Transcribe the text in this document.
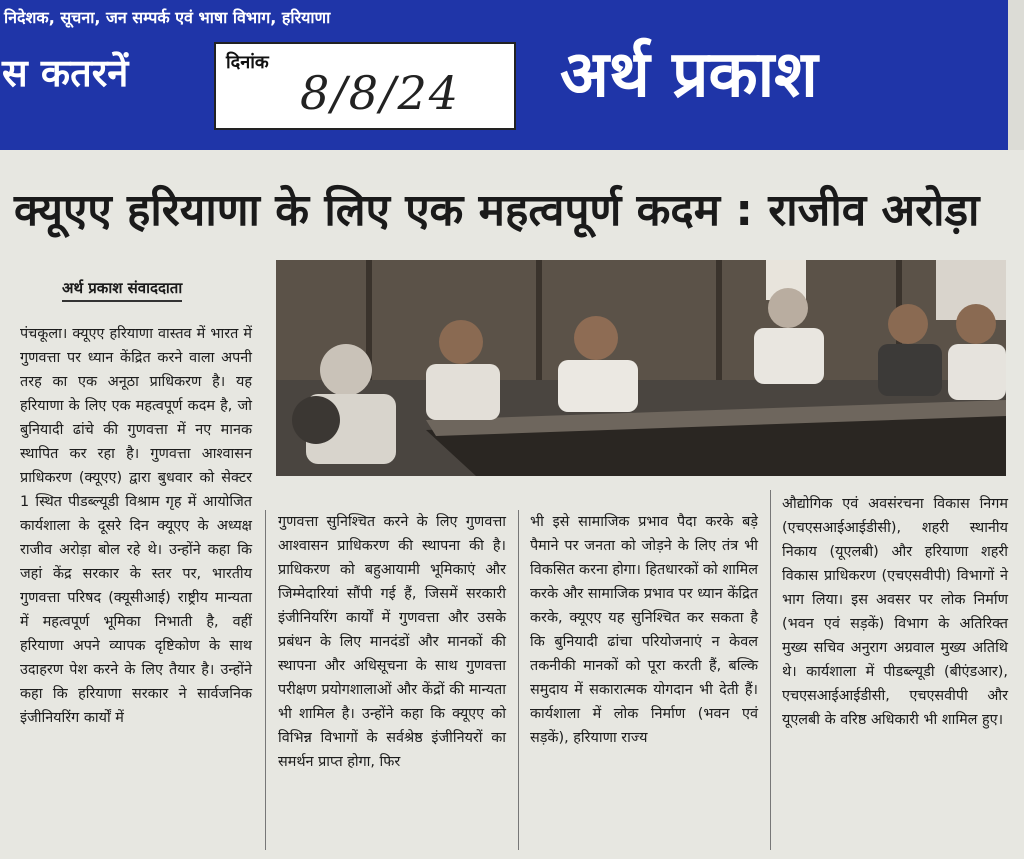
निदेशक, सूचना, जन सम्पर्क एवं भाषा विभाग, हरियाणा
स कतरनें	दिनांक
8/8/24 अर्थ प्रकाश
क्यूएए हरियाणा के लिए एक महत्वपूर्ण कदम : राजीव अरोड़ा
अर्थ प्रकाश संवाददाता
पंचकूला। क्यूएए हरियाणा वास्तव में भारत में गुणवत्ता पर ध्यान केंद्रित करने वाला अपनी तरह का एक अनूठा प्राधिकरण है। यह हरियाणा के लिए एक महत्वपूर्ण कदम है, जो बुनियादी ढांचे की गुणवत्ता में नए मानक स्थापित कर रहा है। गुणवत्ता आश्वासन प्राधिकरण (क्यूएए) द्वारा बुधवार को सेक्टर 1 स्थित पीडब्ल्यूडी विश्राम गृह में आयोजित कार्यशाला के दूसरे दिन क्यूएए के अध्यक्ष राजीव अरोड़ा बोल रहे थे। उन्होंने कहा कि जहां केंद्र सरकार के स्तर पर, भारतीय गुणवत्ता परिषद (क्यूसीआई) राष्ट्रीय मान्यता में महत्वपूर्ण भूमिका निभाती है, वहीं हरियाणा अपने व्यापक दृष्टिकोण के साथ उदाहरण पेश करने के लिए तैयार है। उन्होंने कहा कि हरियाणा सरकार ने सार्वजनिक इंजीनियरिंग कार्यों में
गुणवत्ता सुनिश्चित करने के लिए गुणवत्ता आश्वासन प्राधिकरण की स्थापना की है। प्राधिकरण को बहुआयामी भूमिकाएं और जिम्मेदारियां सौंपी गई हैं, जिसमें सरकारी इंजीनियरिंग कार्यों में गुणवत्ता और उसके प्रबंधन के लिए मानदंडों और मानकों की स्थापना और अधिसूचना के साथ गुणवत्ता परीक्षण प्रयोगशालाओं और केंद्रों की मान्यता भी शामिल है। उन्होंने कहा कि क्यूएए को विभिन्न विभागों के सर्वश्रेष्ठ इंजीनियरों का समर्थन प्राप्त होगा, फिर
भी इसे सामाजिक प्रभाव पैदा करके बड़े पैमाने पर जनता को जोड़ने के लिए तंत्र भी विकसित करना होगा। हितधारकों को शामिल करके और सामाजिक प्रभाव पर ध्यान केंद्रित करके, क्यूएए यह सुनिश्चित कर सकता है कि बुनियादी ढांचा परियोजनाएं न केवल तकनीकी मानकों को पूरा करती हैं, बल्कि समुदाय में सकारात्मक योगदान भी देती हैं। कार्यशाला में लोक निर्माण (भवन एवं सड़कें), हरियाणा राज्य
औद्योगिक एवं अवसंरचना विकास निगम (एचएसआईआईडीसी), शहरी स्थानीय निकाय (यूएलबी) और हरियाणा शहरी विकास प्राधिकरण (एचएसवीपी) विभागों ने भाग लिया। इस अवसर पर लोक निर्माण (भवन एवं सड़कें) विभाग के अतिरिक्त मुख्य सचिव अनुराग अग्रवाल मुख्य अतिथि थे। कार्यशाला में पीडब्ल्यूडी (बीएंडआर), एचएसआईआईडीसी, एचएसवीपी और यूएलबी के वरिष्ठ अधिकारी भी शामिल हुए।
